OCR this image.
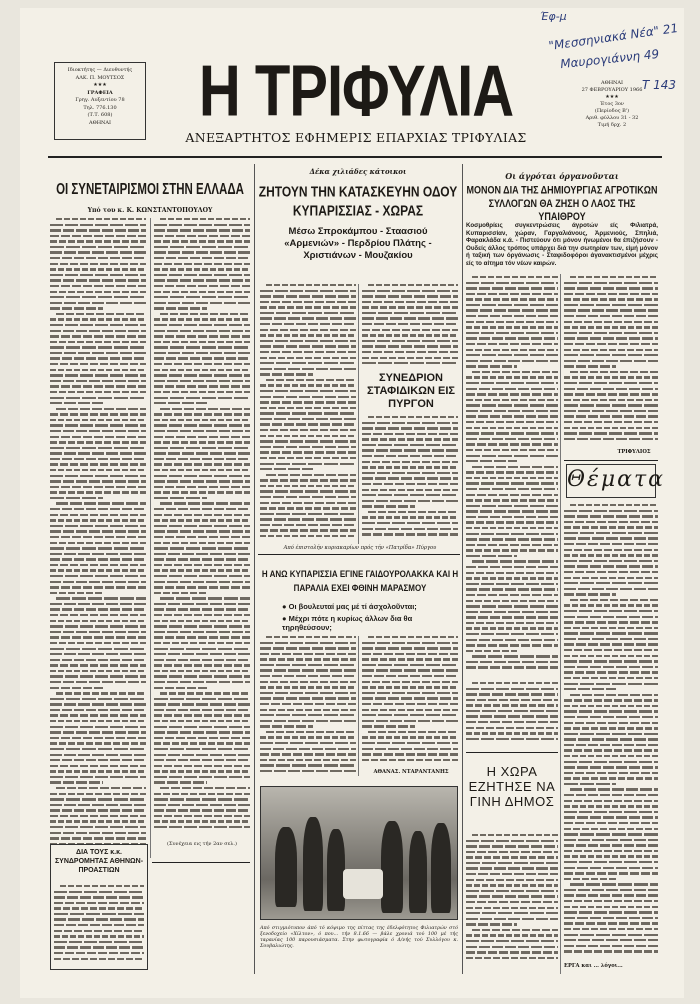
Έφ-μ
"Μεσσηνιακά Νέα" 21
Μαυρογιάννη 49
Τ 143
Ιδιοκτήτης — Διευθυντής
ΑΛΚ. Π. ΜΟΥΤΣΟΣ
★★★
ΓΡΑΦΕΙΑ
Γρηγ. Αυξεντίου 78
Τηλ. 776.130
(Τ.Τ. 608)
ΑΘΗΝΑΙ	Η ΤΡΙΦΥΛΙΑ
ΑΝΕΞΑΡΤΗΤΟΣ ΕΦΗΜΕΡΙΣ ΕΠΑΡΧΙΑΣ ΤΡΙΦΥΛΙΑΣ
ΑΘΗΝΑΙ
27 ΦΕΒΡΟΥΑΡΙΟΥ 1966
★★★
Έτος 3ον
(Περίοδος Β')
Αριθ. φύλλου 31 - 32
Τιμή δρχ. 2
ΟΙ ΣΥΝΕΤΑΙΡΙΣΜΟΙ ΣΤΗΝ ΕΛΛΑΔΑ
Υπό του κ. Κ. ΚΩΝΣΤΑΝΤΟΠΟΥΛΟΥ
(Συνέχεια εις τήν 2αν σελ.)
ΔΙΑ ΤΟΥΣ κ.κ. ΣΥΝΔΡΟΜΗΤΑΣ ΑΘΗΝΩΝ-ΠΡΟΑΣΤΙΩΝ
Δέκα χιλιάδες κάτοικοι
ΖΗΤΟΥΝ ΤΗΝ ΚΑΤΑΣΚΕΥΗΝ ΟΔΟΥ ΚΥΠΑΡΙΣΣΙΑΣ - ΧΩΡΑΣ
Μέσω Σπροκάμπου - Σταασιού «Αρμενιών» - Περδρίου Πλάτης - Χριστιάνων - Μουζακίου
ΣΥΝΕΔΡΙΟΝ ΣΤΑΦΙΔΙΚΩΝ ΕΙΣ ΠΥΡΓΟΝ
Από έπιστολήν κυριακαρίων πρός τήν «Πατρίδα» Πύργου
Η ΑΝΩ ΚΥΠΑΡΙΣΣΙΑ ΕΓΙΝΕ ΓΑΙΔΟΥΡΟΛΑΚΚΑ ΚΑΙ Η ΠΑΡΑΛΙΑ ΕΧΕΙ ΦΘΙΝΗ ΜΑΡΑΣΜΟΥ
● Οι βουλευταί μας μέ τί άσχολοῦνται;
● Μέχρι πότε η κυρίως άλλων δια θα τηρηθεύσουν;
ΑΘΑΝΑΣ. ΝΤΑΡΑΝΤΑΝΗΣ
Από στιγμιότυπον άπό τό κόψιμο της πίττας της έδελφότητος Φιλιατρών στό ξενοδοχείο «Χίλτον», ό που... τήν 8.1.66 — βάλε χρονιά τού 100 μέ τής ταρανίας 100 παρουσιάσματα. Στην φωτογραφία ό Δ/νής τού Συλλόγου κ. Σουβαλιώτης.
Οι άγρόται όργανοῦνται
ΜΟΝΟΝ ΔΙΑ ΤΗΣ ΔΗΜΙΟΥΡΓΙΑΣ ΑΓΡΟΤΙΚΩΝ ΣΥΛΛΟΓΩΝ ΘΑ ΖΗΣΗ Ο ΛΑΟΣ ΤΗΣ ΥΠΑΙΘΡΟΥ
Κοσμοθρίεις συγκεντρώσεις άγροτών είς Φιλιατρά, Κυπαρισσίαν, χώραν, Γαργαλιάνους, Άρμενιούς, Σπηλιά, Φαρακλάδα κ.ά. - Πιστεύουν ότι μόνον ήνωμένοι θα έπιζήσουν - Ουδείς άλλος τρόπος υπάρχει διά την σωτηρίαν των, είμή μόνον ή ταξική των όργάνωσις - Σταφιδοφόροι άγανακτισμένοι μέχρις είς το αίτημα τόν νέων καιρών.
ΤΡΙΦΥΛΙΟΣ
Θέματα
ΕΡΓΑ και ... λόγοι...
Η ΧΩΡΑ ΕΖΗΤΗΣΕ ΝΑ ΓΙΝΗ ΔΗΜΟΣ
